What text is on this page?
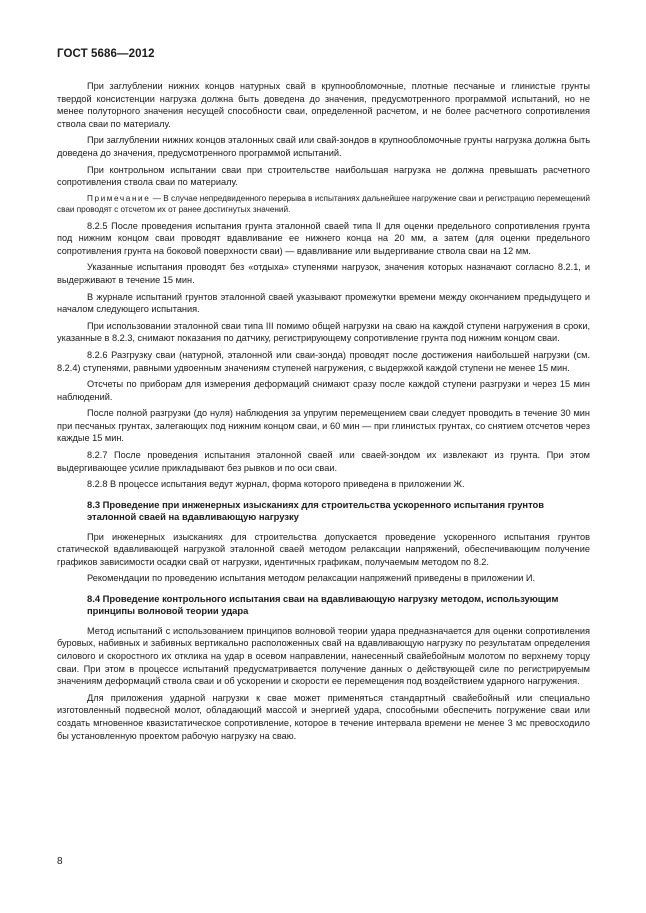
ГОСТ 5686—2012

При заглублении нижних концов натурных свай в крупнообломочные, плотные песчаные и глинистые грунты твердой консистенции нагрузка должна быть доведена до значения, предусмотренного программой испытаний, но не менее полуторного значения несущей способности сваи, определенной расчетом, и не более расчетного сопротивления ствола сваи по материалу.

При заглублении нижних концов эталонных свай или свай-зондов в крупнообломочные грунты нагрузка должна быть доведена до значения, предусмотренного программой испытаний.

При контрольном испытании сваи при строительстве наибольшая нагрузка не должна превышать расчетного сопротивления ствола сваи по материалу.

Примечание — В случае непредвиденного перерыва в испытаниях дальнейшее нагружение сваи и регистрацию перемещений сваи проводят с отсчетом их от ранее достигнутых значений.

8.2.5 После проведения испытания грунта эталонной сваей типа II для оценки предельного сопротивления грунта под нижним концом сваи проводят вдавливание ее нижнего конца на 20 мм, а затем (для оценки предельного сопротивления грунта на боковой поверхности сваи) — вдавливание или выдергивание ствола сваи на 12 мм.

Указанные испытания проводят без «отдыха» ступенями нагрузок, значения которых назначают согласно 8.2.1, и выдерживают в течение 15 мин.

В журнале испытаний грунтов эталонной сваей указывают промежутки времени между окончанием предыдущего и началом следующего испытания.

При использовании эталонной сваи типа III помимо общей нагрузки на сваю на каждой ступени нагружения в сроки, указанные в 8.2.3, снимают показания по датчику, регистрирующему сопротивление грунта под нижним концом сваи.

8.2.6 Разгрузку сваи (натурной, эталонной или сваи-зонда) проводят после достижения наибольшей нагрузки (см. 8.2.4) ступенями, равными удвоенным значениям ступеней нагружения, с выдержкой каждой ступени не менее 15 мин.

Отсчеты по приборам для измерения деформаций снимают сразу после каждой ступени разгрузки и через 15 мин наблюдений.

После полной разгрузки (до нуля) наблюдения за упругим перемещением сваи следует проводить в течение 30 мин при песчаных грунтах, залегающих под нижним концом сваи, и 60 мин — при глинистых грунтах, со снятием отсчетов через каждые 15 мин.

8.2.7 После проведения испытания эталонной сваей или сваей-зондом их извлекают из грунта. При этом выдергивающее усилие прикладывают без рывков и по оси сваи.

8.2.8 В процессе испытания ведут журнал, форма которого приведена в приложении Ж.

8.3 Проведение при инженерных изысканиях для строительства ускоренного испытания грунтов эталонной сваей на вдавливающую нагрузку

При инженерных изысканиях для строительства допускается проведение ускоренного испытания грунтов статической вдавливающей нагрузкой эталонной сваей методом релаксации напряжений, обеспечивающим получение графиков зависимости осадки свай от нагрузки, идентичных графикам, получаемым методом по 8.2.

Рекомендации по проведению испытания методом релаксации напряжений приведены в приложении И.

8.4 Проведение контрольного испытания сваи на вдавливающую нагрузку методом, использующим принципы волновой теории удара

Метод испытаний с использованием принципов волновой теории удара предназначается для оценки сопротивления буровых, набивных и забивных вертикально расположенных свай на вдавливающую нагрузку по результатам определения силового и скоростного их отклика на удар в осевом направлении, нанесенный свайебойным молотом по верхнему торцу сваи. При этом в процессе испытаний предусматривается получение данных о действующей силе по регистрируемым значениям деформаций ствола сваи и об ускорении и скорости ее перемещения под воздействием ударного нагружения.

Для приложения ударной нагрузки к свае может применяться стандартный свайебойный или специально изготовленный подвесной молот, обладающий массой и энергией удара, способными обеспечить погружение сваи или создать мгновенное квазистатическое сопротивление, которое в течение интервала времени не менее 3 мс превосходило бы установленную проектом рабочую нагрузку на сваю.

8
